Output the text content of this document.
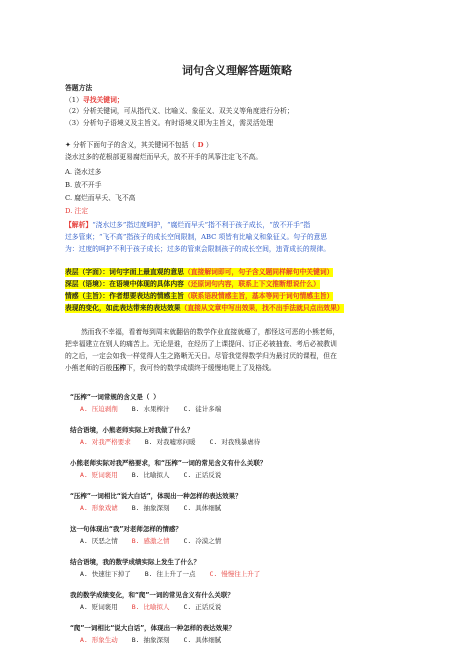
词句含义理解答题策略
答题方法
（1）寻找关键词；
（2）分析关键词，可从指代义、比喻义、象征义、双关义等角度进行分析；
（3）分析句子语境义及主旨义。有时语境义即为主旨义，需灵活处理
✦ 分析下面句子的含义，其关键词不包括（ D ）
浇水过多的花根部更易腐烂而早夭，放不开手的风筝注定飞不高。
A. 浇水过多
B. 放不开手
C. 腐烂而早夭、飞不高
D. 注定
【解析】“浇水过多”指过度呵护，“腐烂而早夭”指不利于孩子成长，“放不开手”指
过多管束；“飞不高”指孩子的成长空间限制，ABC 项皆有比喻义和象征义。句子的意思
为：过度的呵护不利于孩子成长；过多的管束会限制孩子的成长空间，违背成长的规律。
表层（字面）：词句字面上最直观的意思（直接解词即可，句子含义题同样解句中关键词）
深层（语境）：在语境中体现的具体内容（还原词句内容，联系上下文推断想说什么）
情感（主旨）：作者想要表达的情感主旨（联系语段情感主旨，基本等同于词句情感主旨）
表现的变化，如此表达带来的表达效果（直接从文章中写出效果，找不出手法就只点出效果）
然而我不幸福，看着每到周末就翻倍的数学作业直接就瘪了，都怪这可恶的小熊老师，
把幸福建立在别人的痛苦上。无论是谁，在经历了上课提问、订正必被抽查、考后必被教训
的之后，一定会如我一样觉得人生之路晰无天日。尽管我觉得数学归为最讨厌的课程，但在
小熊老师的百般压榨下，我可怜的数学成绩终于缓慢地爬上了及格线。
“压榨”一词常规的含义是（ ）
A. 压迫剥削 B. 水果榨汁 C. 徒计多端
结合语境，小熊老师实际上对我做了什么？
A. 对我严格要求 B. 对我嘘寒问暖 C. 对我残暴虐待
小熊老师实际对我严格要求，和“压榨”一词的常见含义有什么关联？
A. 贬词褒用 B. 比喻拟人 C. 正话反说
“压榨”一词相比“说大白话”，体现出一种怎样的表达效果？
A. 形象戏谑 B. 抽象深刻 C. 具体细腻
这一句体现出“我”对老师怎样的情感？
A. 厌恶之情 B. 感激之情 C. 冷漠之情
结合语境，我的数学成绩实际上发生了什么？
A. 快速往下掉了 B. 往上升了一点 C. 慢慢往上升了
我的数学成绩变化，和“爬”一词的常见含义有什么关联？
A. 贬词褒用 B. 比喻拟人 C. 正话反说
“爬”一词相比“说大白话”，体现出一种怎样的表达效果？
A. 形象生动 B. 抽象深刻 C. 具体细腻
